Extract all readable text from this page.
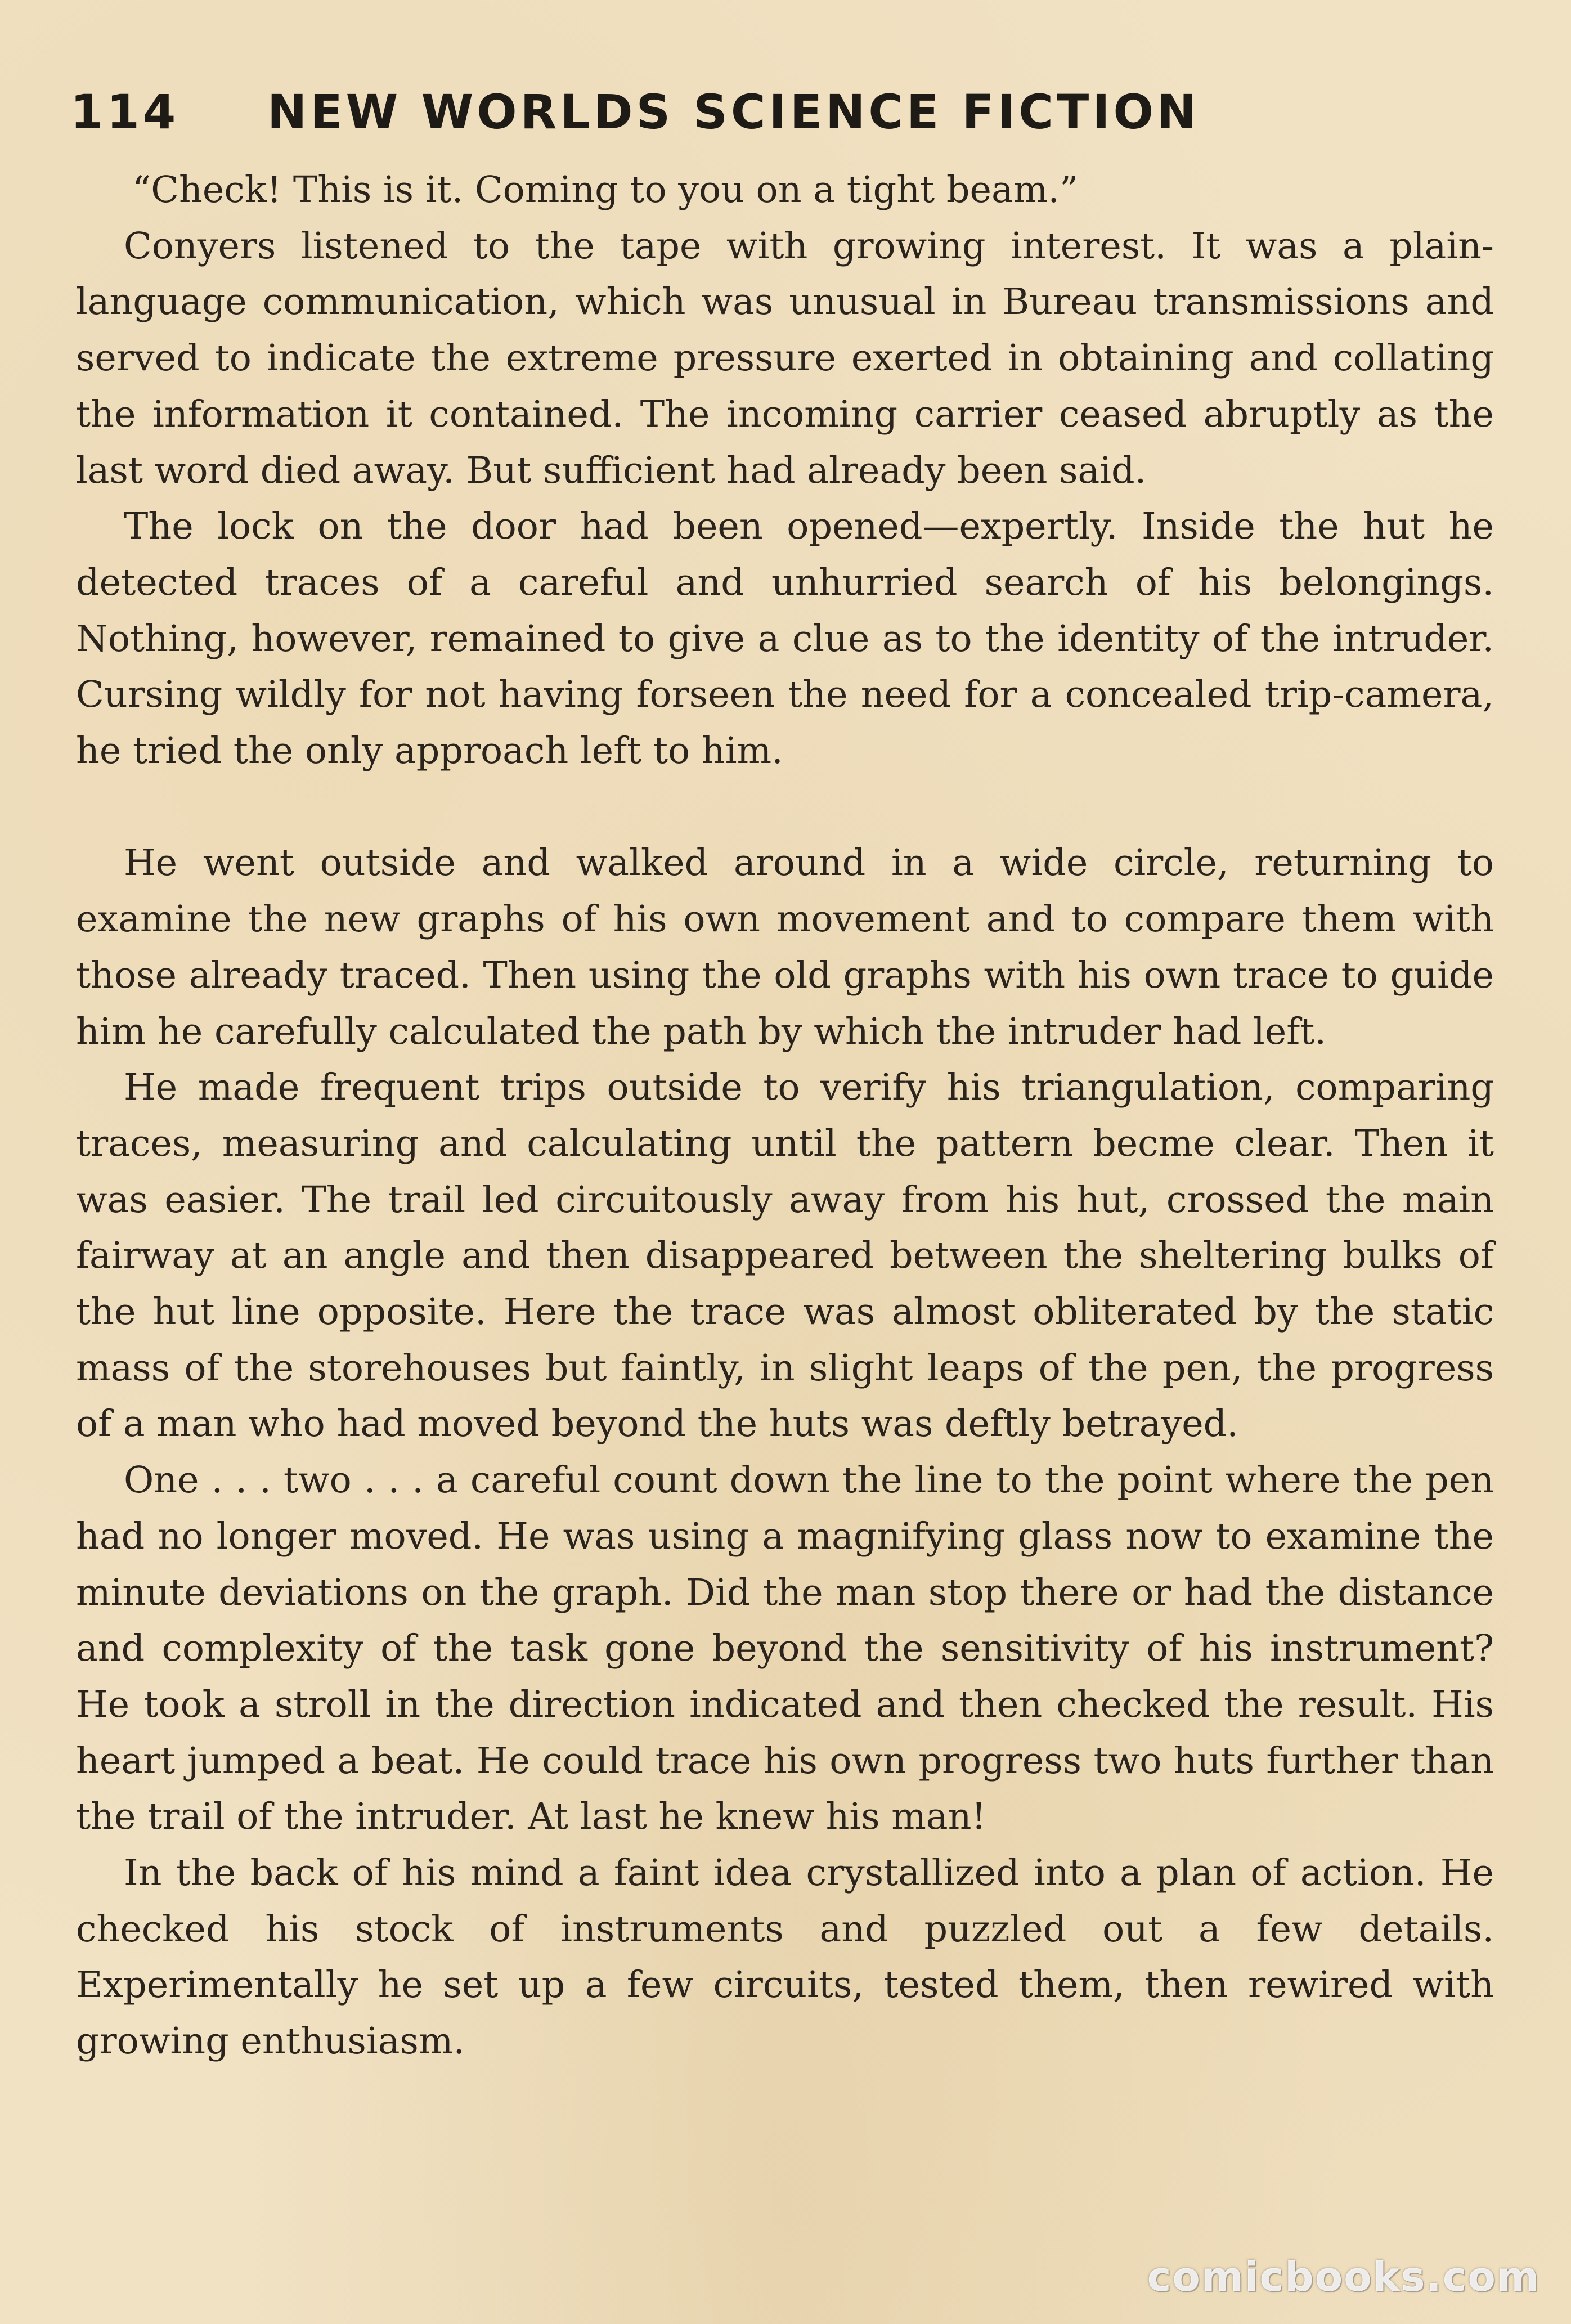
114 NEW WORLDS SCIENCE FICTION

“Check! This is it. Coming to you on a tight beam.”

Conyers listened to the tape with growing interest. It was a plain-language communication, which was unusual in Bureau transmissions and served to indicate the extreme pressure exerted in obtaining and collating the information it contained. The incoming carrier ceased abruptly as the last word died away. But sufficient had already been said.

The lock on the door had been opened—expertly. Inside the hut he detected traces of a careful and unhurried search of his belongings. Nothing, however, remained to give a clue as to the identity of the intruder. Cursing wildly for not having forseen the need for a concealed trip-camera, he tried the only approach left to him.

He went outside and walked around in a wide circle, returning to examine the new graphs of his own movement and to compare them with those already traced. Then using the old graphs with his own trace to guide him he carefully calculated the path by which the intruder had left.

He made frequent trips outside to verify his triangulation, comparing traces, measuring and calculating until the pattern becme clear. Then it was easier. The trail led circuitously away from his hut, crossed the main fairway at an angle and then disappeared between the sheltering bulks of the hut line opposite. Here the trace was almost obliterated by the static mass of the storehouses but faintly, in slight leaps of the pen, the progress of a man who had moved beyond the huts was deftly betrayed.

One . . . two . . . a careful count down the line to the point where the pen had no longer moved. He was using a magnifying glass now to examine the minute deviations on the graph. Did the man stop there or had the distance and complexity of the task gone beyond the sensitivity of his instrument? He took a stroll in the direction indicated and then checked the result. His heart jumped a beat. He could trace his own progress two huts further than the trail of the intruder. At last he knew his man!

In the back of his mind a faint idea crystallized into a plan of action. He checked his stock of instruments and puzzled out a few details. Experimentally he set up a few circuits, tested them, then rewired with growing enthusiasm.

comicbooks.com
